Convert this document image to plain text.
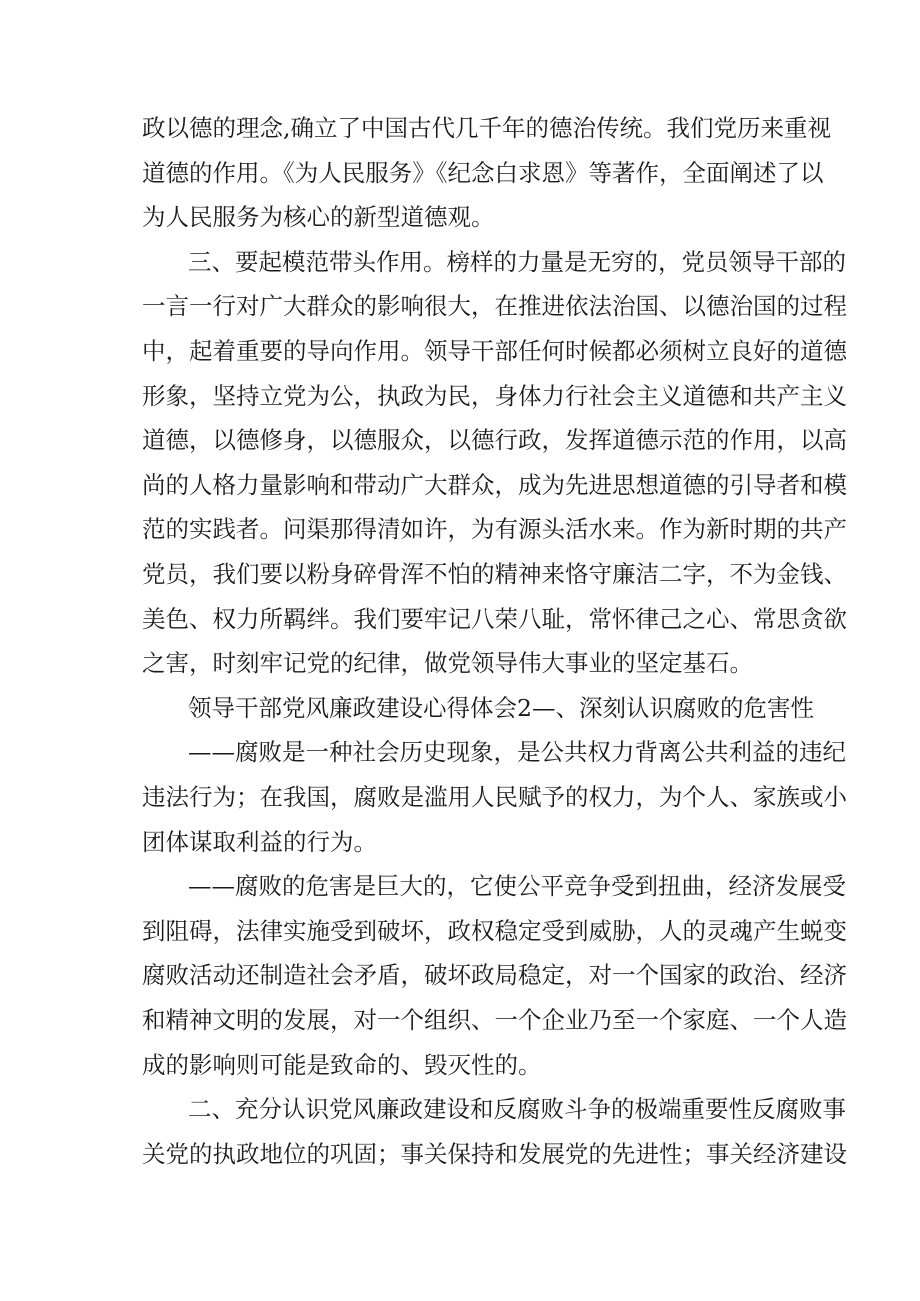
政以德的理念,确立了中国古代几千年的德治传统。我们党历来重视
道德的作用。《为人民服务》《纪念白求恩》等著作，全面阐述了以
为人民服务为核心的新型道德观。
三、要起模范带头作用。榜样的力量是无穷的，党员领导干部的
一言一行对广大群众的影响很大，在推进依法治国、以德治国的过程
中，起着重要的导向作用。领导干部任何时候都必须树立良好的道德
形象，坚持立党为公，执政为民，身体力行社会主义道德和共产主义
道德，以德修身，以德服众，以德行政，发挥道德示范的作用，以高
尚的人格力量影响和带动广大群众，成为先进思想道德的引导者和模
范的实践者。问渠那得清如许，为有源头活水来。作为新时期的共产
党员，我们要以粉身碎骨浑不怕的精神来恪守廉洁二字，不为金钱、
美色、权力所羁绊。我们要牢记八荣八耻，常怀律己之心、常思贪欲
之害，时刻牢记党的纪律，做党领导伟大事业的坚定基石。
领导干部党风廉政建设心得体会2—、深刻认识腐败的危害性
——腐败是一种社会历史现象，是公共权力背离公共利益的违纪
违法行为；在我国，腐败是滥用人民赋予的权力，为个人、家族或小
团体谋取利益的行为。
——腐败的危害是巨大的，它使公平竞争受到扭曲，经济发展受
到阻碍，法律实施受到破坏，政权稳定受到威胁，人的灵魂产生蜕变
腐败活动还制造社会矛盾，破坏政局稳定，对一个国家的政治、经济
和精神文明的发展，对一个组织、一个企业乃至一个家庭、一个人造
成的影响则可能是致命的、毁灭性的。
二、充分认识党风廉政建设和反腐败斗争的极端重要性反腐败事
关党的执政地位的巩固；事关保持和发展党的先进性；事关经济建设
